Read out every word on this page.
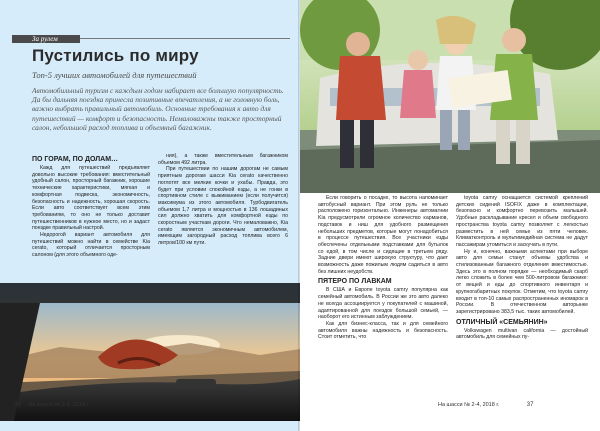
За рулем
Пустились по миру
Топ-5 лучших автомобилей для путешествий
Автомобильный туризм с каждым годом набирает все большую популярность. Да бы дальняя поездка принесла позитивные впечатления, а не головную боль, важно выбрать правильный автомобиль. Основные требования к авто для путешествий — комфорт и безопасность. Немаловажны также просторный салон, небольшой расход топлива и объемный багажник.
ПО ГОРАМ, ПО ДОЛАМ…

Кажд для путешествий предъявляет довольно высокие требования: вместительный удобный салон, просторный багажник, хорошие технические характеристики, мягкая и комфортная подвеска, экономичность, безопасность и надежность, хорошая скорость. Если авто соответствует всем этим требованиям, то оно не только доставит путешественников в нужное место, но и задаст поездке правильный настрой.

Недорогой вариант автомобиля для путешествий можно найти в семействе Kia cerato, который отличается просторным салоном (для этого объемного оде-

ния), а также вместительным багажником объемом 492 литра.

При путешествии по нашим дорогам не самым приятным дорогам шасси Kia cerato качественно поглотят все мелкие кочки и ухабы. Правда, это будет при условии спокойной езды, а не гонки в спортивном стиле с выжиманием (если получится) максимума из этого автомобиля. Турбодвигатель объемом 1,7 литра и мощностью в 136 лошадиных сил должно хватить для комфортной езды по скоростным участкам дороги. Что немаловажно, Kia cerato является экономичным автомобилем, имеющим загородный расход топлива всего 6 литров/100 км пути.

36 На шасси № 2-4, 2018 г.

Если говорить о посадке, то высота напоминает автобусный вариант. При этом руль не только расположено горизонтально. Инженеры автомагнии Kia предусмотрели огромное количество карманов, подставок и ниш для удобного размещения небольших предметов, которые могут понадобиться в процессе путешествия. Все участники езды обеспечены отдельными подставками для бутылок со едой, в том числе и сидящие в третьем ряду. Задние двери имеют широкую структуру, что дает возможность даже пожилым людям садиться в авто без лишних неудобств.

ПЯТЕРО ПО ЛАВКАМ

В США и Европе toyota camry популярна как семейный автомобиль. В России же это авто далеко не всегда ассоциируется у покупателей с машиной, адаптированной для поездок большой семьей, — наоборот его истинным заблуждением.

Как для бизнес-класса, так и для семейного автомобиля важны надежность и безопасность. Стоит отметить, что

toyota camry оснащается системой креплений детских сидений ISOFIX даже в комплектации, безопасно и комфортно перевозить малышей. Удобные раскладывание кресел и объем свободного пространства toyota camry позволяет с легкостью разместить в ней семье из пяти человек. Климатконтроль и мультимедийная система не дадут пассажирам утомиться и заскучать в пути.

Ну и, конечно, важными аспектами при выборе авто для семьи станут объемы удобства и стилизованным багажного отделения вместимостью. Здесь это в полном порядке — необходимый скарб легко сложить в более чем 500-литровом багажнике: от вещей и еды до спортивного инвентаря и крупногабаритных покупок. Отметим, что toyota camry входит в топ-10 самых распространенных иномарок в России. В отечественном авторынке зарегистрировано 383,5 тыс. таких автомобилей.

ОТЛИЧНЫЙ «СЕМЬЯНИН»

Volkswagen multivan california — достойный автомобиль для семейных пу-

На шасси № 2-4, 2018 г.	37
